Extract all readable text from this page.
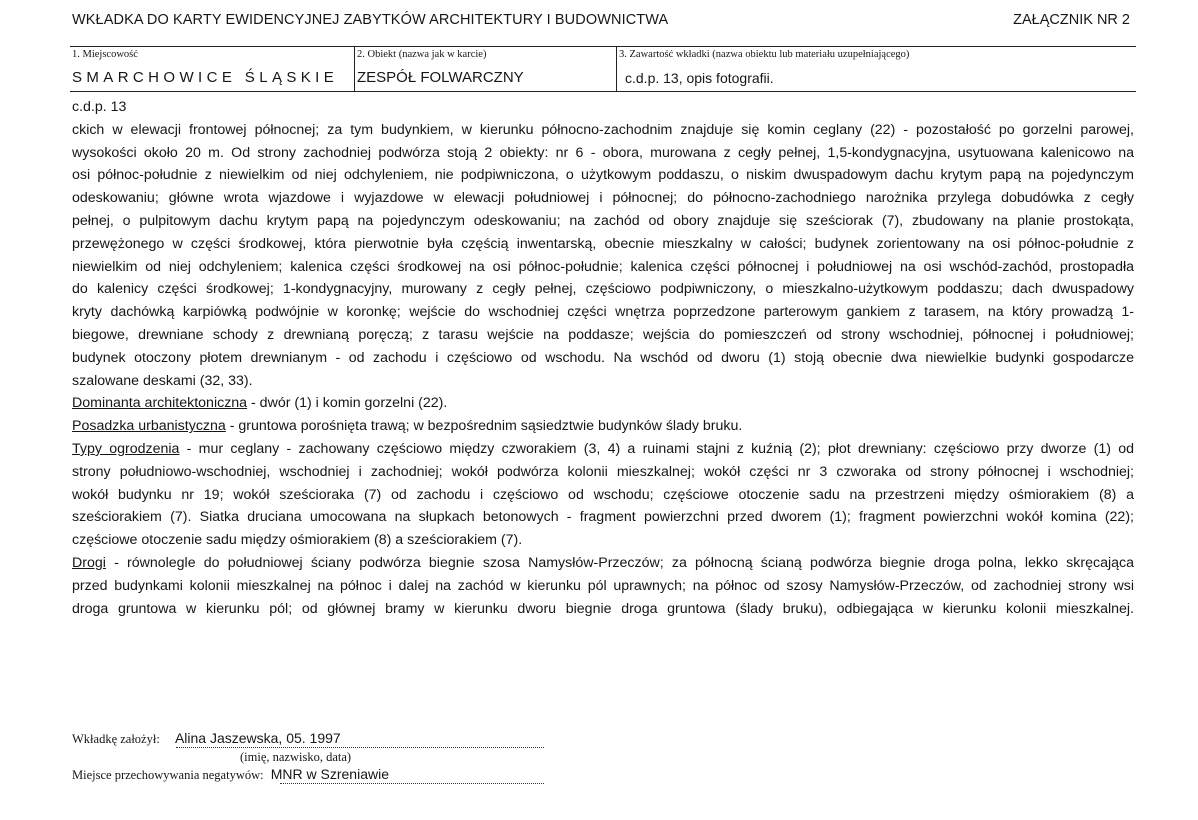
WKŁADKA DO KARTY EWIDENCYJNEJ ZABYTKÓW ARCHITEKTURY I BUDOWNICTWA	ZAŁĄCZNIK NR 2
1. Miejscowość
SMARCHOWICE ŚLĄSKIE
2. Obiekt (nazwa jak w karcie)
ZESPÓŁ FOLWARCZNY
3. Zawartość wkładki (nazwa obiektu lub materiału uzupełniającego)
c.d.p. 13, opis fotografii.
c.d.p. 13
ckich w elewacji frontowej północnej; za tym budynkiem, w kierunku północno-zachodnim znajduje się komin ceglany (22) - pozostałość po gorzelni parowej,
wysokości około 20 m. Od strony zachodniej podwórza stoją 2 obiekty: nr 6 - obora, murowana z cegły pełnej, 1,5-kondygnacyjna, usytuowana kalenicowo na
osi północ-południe z niewielkim od niej odchyleniem, nie podpiwniczona, o użytkowym poddaszu, o niskim dwuspadowym dachu krytym papą na pojedynczym
odeskowaniu; główne wrota wjazdowe i wyjazdowe w elewacji południowej i północnej; do północno-zachodniego narożnika przylega dobudówka z cegły
pełnej, o pulpitowym dachu krytym papą na pojedynczym odeskowaniu; na zachód od obory znajduje się sześciorak (7), zbudowany na planie prostokąta,
przewężonego w części środkowej, która pierwotnie była częścią inwentarską, obecnie mieszkalny w całości; budynek zorientowany na osi północ-południe z
niewielkim od niej odchyleniem; kalenica części środkowej na osi północ-południe; kalenica części północnej i południowej na osi wschód-zachód, prostopadła
do kalenicy części środkowej; 1-kondygnacyjny, murowany z cegły pełnej, częściowo podpiwniczony, o mieszkalno-użytkowym poddaszu; dach dwuspadowy
kryty dachówką karpiówką podwójnie w koronkę; wejście do wschodniej części wnętrza poprzedzone parterowym gankiem z tarasem, na który prowadzą 1-
biegowe, drewniane schody z drewnianą poręczą; z tarasu wejście na poddasze; wejścia do pomieszczeń od strony wschodniej, północnej i południowej;
budynek otoczony płotem drewnianym - od zachodu i częściowo od wschodu. Na wschód od dworu (1) stoją obecnie dwa niewielkie budynki gospodarcze
szalowane deskami (32, 33).
Dominanta architektoniczna - dwór (1) i komin gorzelni (22).
Posadzka urbanistyczna - gruntowa porośnięta trawą; w bezpośrednim sąsiedztwie budynków ślady bruku.
Typy ogrodzenia - mur ceglany - zachowany częściowo między czworakiem (3, 4) a ruinami stajni z kuźnią (2); płot drewniany: częściowo przy dworze (1) od
strony południowo-wschodniej, wschodniej i zachodniej; wokół podwórza kolonii mieszkalnej; wokół części nr 3 czworaka od strony północnej i wschodniej;
wokół budynku nr 19; wokół sześcioraka (7) od zachodu i częściowo od wschodu; częściowe otoczenie sadu na przestrzeni między ośmiorakiem (8) a
sześciorakiem (7). Siatka druciana umocowana na słupkach betonowych - fragment powierzchni przed dworem (1); fragment powierzchni wokół komina (22);
częściowe otoczenie sadu między ośmiorakiem (8) a sześciorakiem (7).
Drogi - równolegle do południowej ściany podwórza biegnie szosa Namysłów-Przeczów; za północną ścianą podwórza biegnie droga polna, lekko skręcająca
przed budynkami kolonii mieszkalnej na północ i dalej na zachód w kierunku pól uprawnych; na północ od szosy Namysłów-Przeczów, od zachodniej strony wsi
droga gruntowa w kierunku pól; od głównej bramy w kierunku dworu biegnie droga gruntowa (ślady bruku), odbiegająca w kierunku kolonii mieszkalnej.
Wkładkę założył: Alina Jaszewska, 05. 1997
(imię, nazwisko, data)
Miejsce przechowywania negatywów: MNR w Szreniawie
